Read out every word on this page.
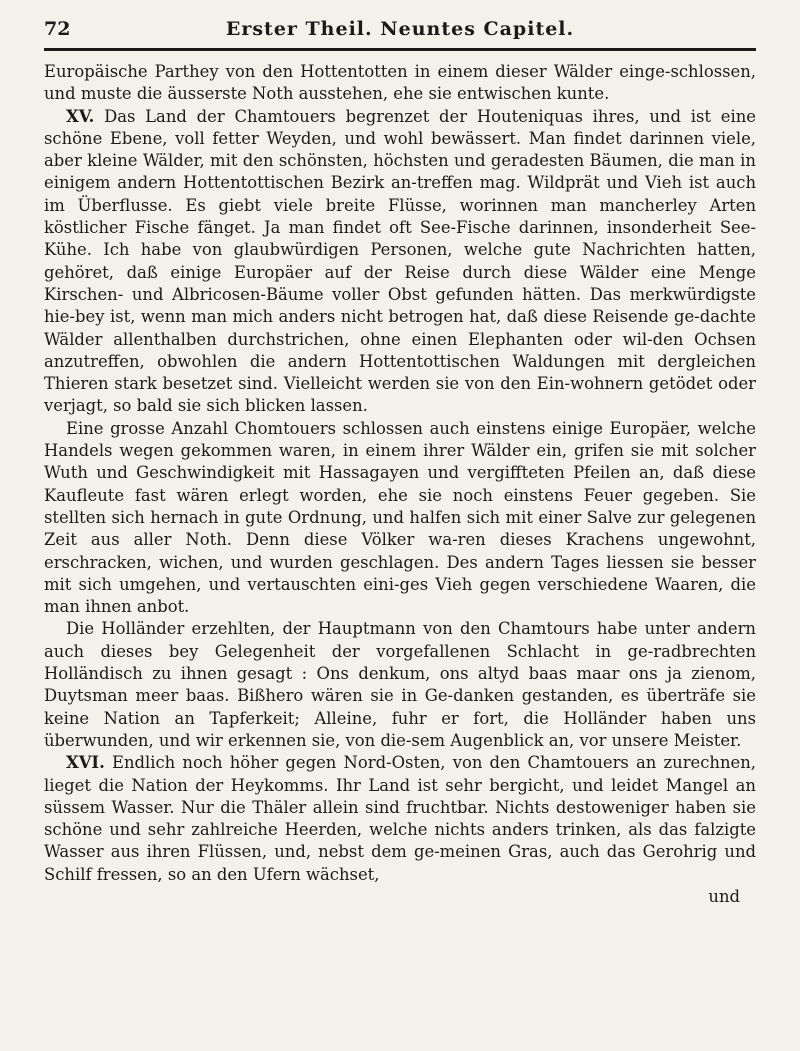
72	Erster Theil. Neuntes Capitel.

Europäische Parthey von den Hottentotten in einem dieser Wälder einge-schlossen, und muste die äusserste Noth ausstehen, ehe sie entwischen kunte.

XV. Das Land der Chamtouers begrenzet der Houteniquas ihres, und ist eine schöne Ebene, voll fetter Weyden, und wohl bewässert. Man findet darinnen viele, aber kleine Wälder, mit den schönsten, höchsten und geradesten Bäumen, die man in einigem andern Hottentottischen Bezirk an-treffen mag. Wildprät und Vieh ist auch im Überflusse. Es giebt viele breite Flüsse, worinnen man mancherley Arten köstlicher Fische fänget. Ja man findet oft See-Fische darinnen, insonderheit See-Kühe. Ich habe von glaubwürdigen Personen, welche gute Nachrichten hatten, gehöret, daß einige Europäer auf der Reise durch diese Wälder eine Menge Kirschen- und Albricosen-Bäume voller Obst gefunden hätten. Das merkwürdigste hie-bey ist, wenn man mich anders nicht betrogen hat, daß diese Reisende ge-dachte Wälder allenthalben durchstrichen, ohne einen Elephanten oder wil-den Ochsen anzutreffen, obwohlen die andern Hottentottischen Waldungen mit dergleichen Thieren stark besetzet sind. Vielleicht werden sie von den Ein-wohnern getödet oder verjagt, so bald sie sich blicken lassen.

Eine grosse Anzahl Chomtouers schlossen auch einstens einige Europäer, welche Handels wegen gekommen waren, in einem ihrer Wälder ein, grifen sie mit solcher Wuth und Geschwindigkeit mit Hassagayen und vergiffteten Pfeilen an, daß diese Kaufleute fast wären erlegt worden, ehe sie noch einstens Feuer gegeben. Sie stellten sich hernach in gute Ordnung, und halfen sich mit einer Salve zur gelegenen Zeit aus aller Noth. Denn diese Völker wa-ren dieses Krachens ungewohnt, erschracken, wichen, und wurden geschlagen. Des andern Tages liessen sie besser mit sich umgehen, und vertauschten eini-ges Vieh gegen verschiedene Waaren, die man ihnen anbot.

Die Holländer erzehlten, der Hauptmann von den Chamtours habe unter andern auch dieses bey Gelegenheit der vorgefallenen Schlacht in ge-radbrechten Holländisch zu ihnen gesagt : Ons denkum, ons altyd baas maar ons ja zienom, Duytsman meer baas. Bißhero wären sie in Ge-danken gestanden, es überträfe sie keine Nation an Tapferkeit; Alleine, fuhr er fort, die Holländer haben uns überwunden, und wir erkennen sie, von die-sem Augenblick an, vor unsere Meister.

XVI. Endlich noch höher gegen Nord-Osten, von den Chamtouers an zurechnen, lieget die Nation der Heykomms. Ihr Land ist sehr bergicht, und leidet Mangel an süssem Wasser. Nur die Thäler allein sind fruchtbar. Nichts destoweniger haben sie schöne und sehr zahlreiche Heerden, welche nichts anders trinken, als das falzigte Wasser aus ihren Flüssen, und, nebst dem ge-meinen Gras, auch das Gerohrig und Schilf fressen, so an den Ufern wächset,

und
